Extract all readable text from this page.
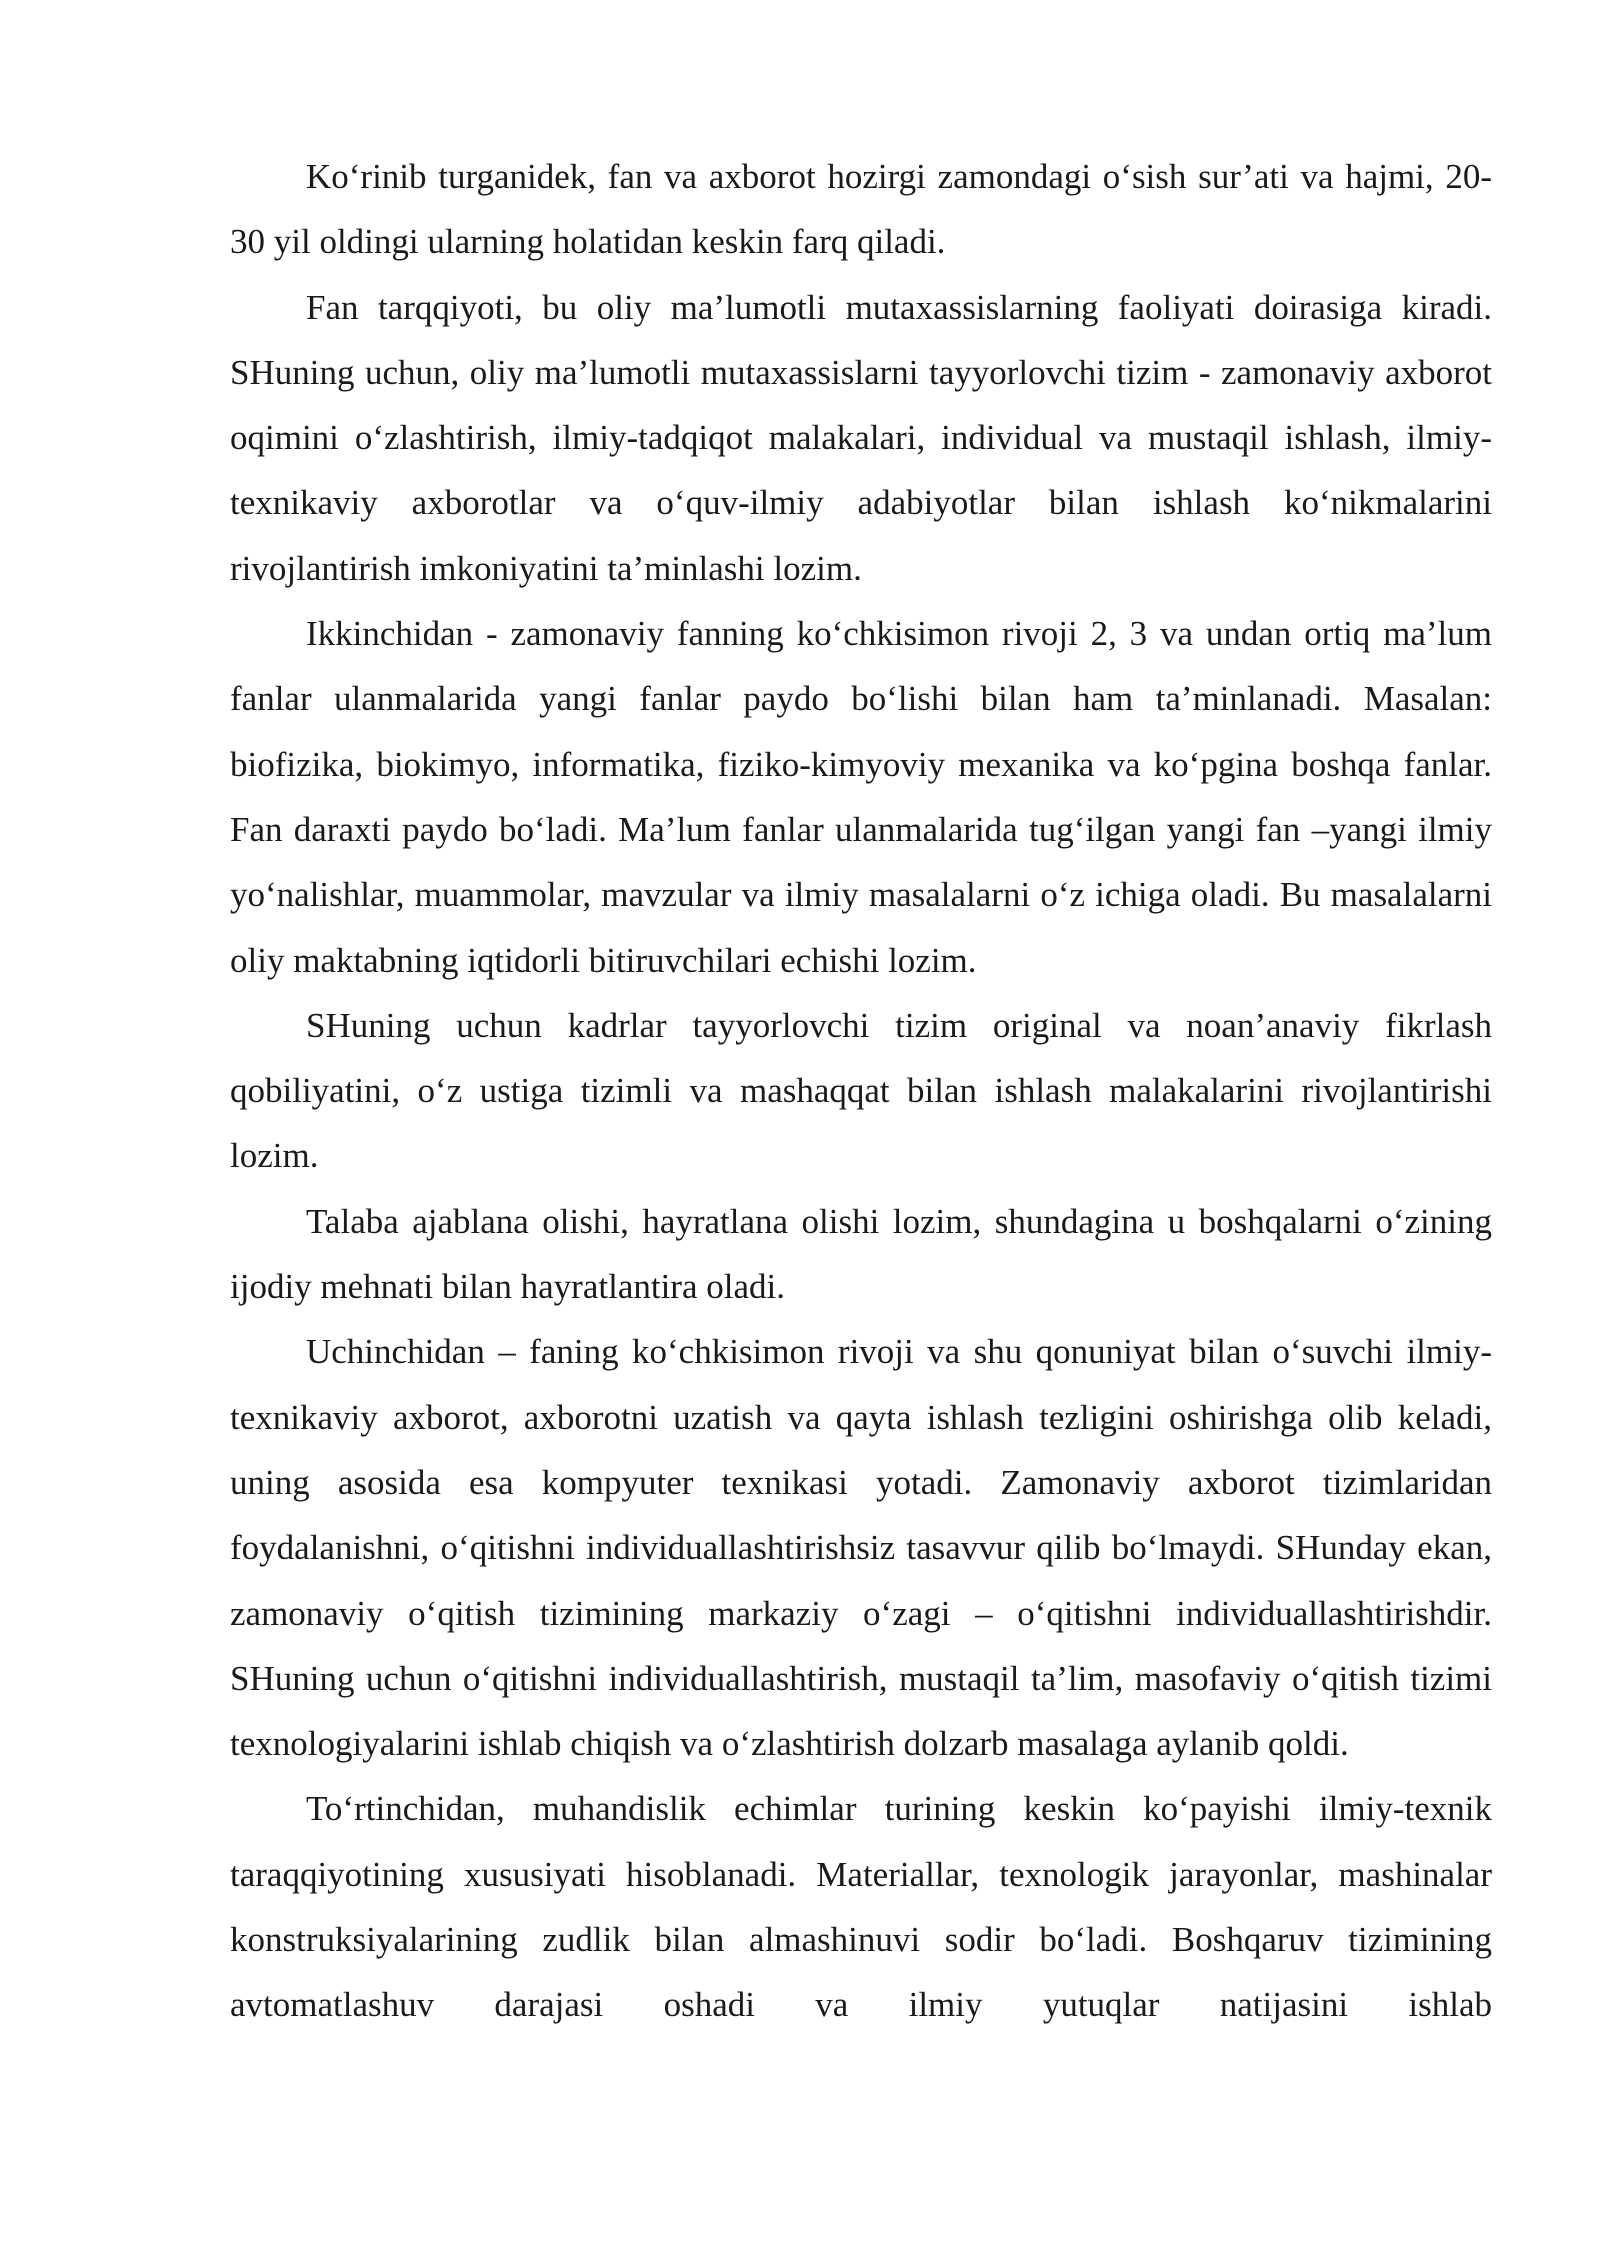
Ko‘rinib turganidek, fan va axborot hozirgi zamondagi o‘sish sur’ati va hajmi, 20-30 yil oldingi ularning holatidan keskin farq qiladi.

Fan tarqqiyoti, bu oliy ma’lumotli mutaxassislarning faoliyati doirasiga kiradi. SHuning uchun, oliy ma’lumotli mutaxassislarni tayyorlovchi tizim - zamonaviy axborot oqimini o‘zlashtirish, ilmiy-tadqiqot malakalari, individual va mustaqil ishlash, ilmiy-texnikaviy axborotlar va o‘quv-ilmiy adabiyotlar bilan ishlash ko‘nikmalarini rivojlantirish imkoniyatini ta’minlashi lozim.

Ikkinchidan - zamonaviy fanning ko‘chkisimon rivoji 2, 3 va undan ortiq ma’lum fanlar ulanmalarida yangi fanlar paydo bo‘lishi bilan ham ta’minlanadi. Masalan: biofizika, biokimyo, informatika, fiziko-kimyoviy mexanika va ko‘pgina boshqa fanlar. Fan daraxti paydo bo‘ladi. Ma’lum fanlar ulanmalarida tug‘ilgan yangi fan –yangi ilmiy yo‘nalishlar, muammolar, mavzular va ilmiy masalalarni o‘z ichiga oladi. Bu masalalarni oliy maktabning iqtidorli bitiruvchilari echishi lozim.

SHuning uchun kadrlar tayyorlovchi tizim original va noan’anaviy fikrlash qobiliyatini, o‘z ustiga tizimli va mashaqqat bilan ishlash malakalarini rivojlantirishi lozim.

Talaba ajablana olishi, hayratlana olishi lozim, shundagina u boshqalarni o‘zining ijodiy mehnati bilan hayratlantira oladi.

Uchinchidan – faning ko‘chkisimon rivoji va shu qonuniyat bilan o‘suvchi ilmiy-texnikaviy axborot, axborotni uzatish va qayta ishlash tezligini oshirishga olib keladi, uning asosida esa kompyuter texnikasi yotadi. Zamonaviy axborot tizimlaridan foydalanishni, o‘qitishni individuallashtirishsiz tasavvur qilib bo‘lmaydi. SHunday ekan, zamonaviy o‘qitish tizimining markaziy o‘zagi – o‘qitishni individuallashtirishdir. SHuning uchun o‘qitishni individuallashtirish, mustaqil ta’lim, masofaviy o‘qitish tizimi texnologiyalarini ishlab chiqish va o‘zlashtirish dolzarb masalaga aylanib qoldi.

To‘rtinchidan, muhandislik echimlar turining keskin ko‘payishi ilmiy-texnik taraqqiyotining xususiyati hisoblanadi. Materiallar, texnologik jarayonlar, mashinalar konstruksiyalarining zudlik bilan almashinuvi sodir bo‘ladi. Boshqaruv tizimining avtomatlashuv darajasi oshadi va ilmiy yutuqlar natijasini ishlab
